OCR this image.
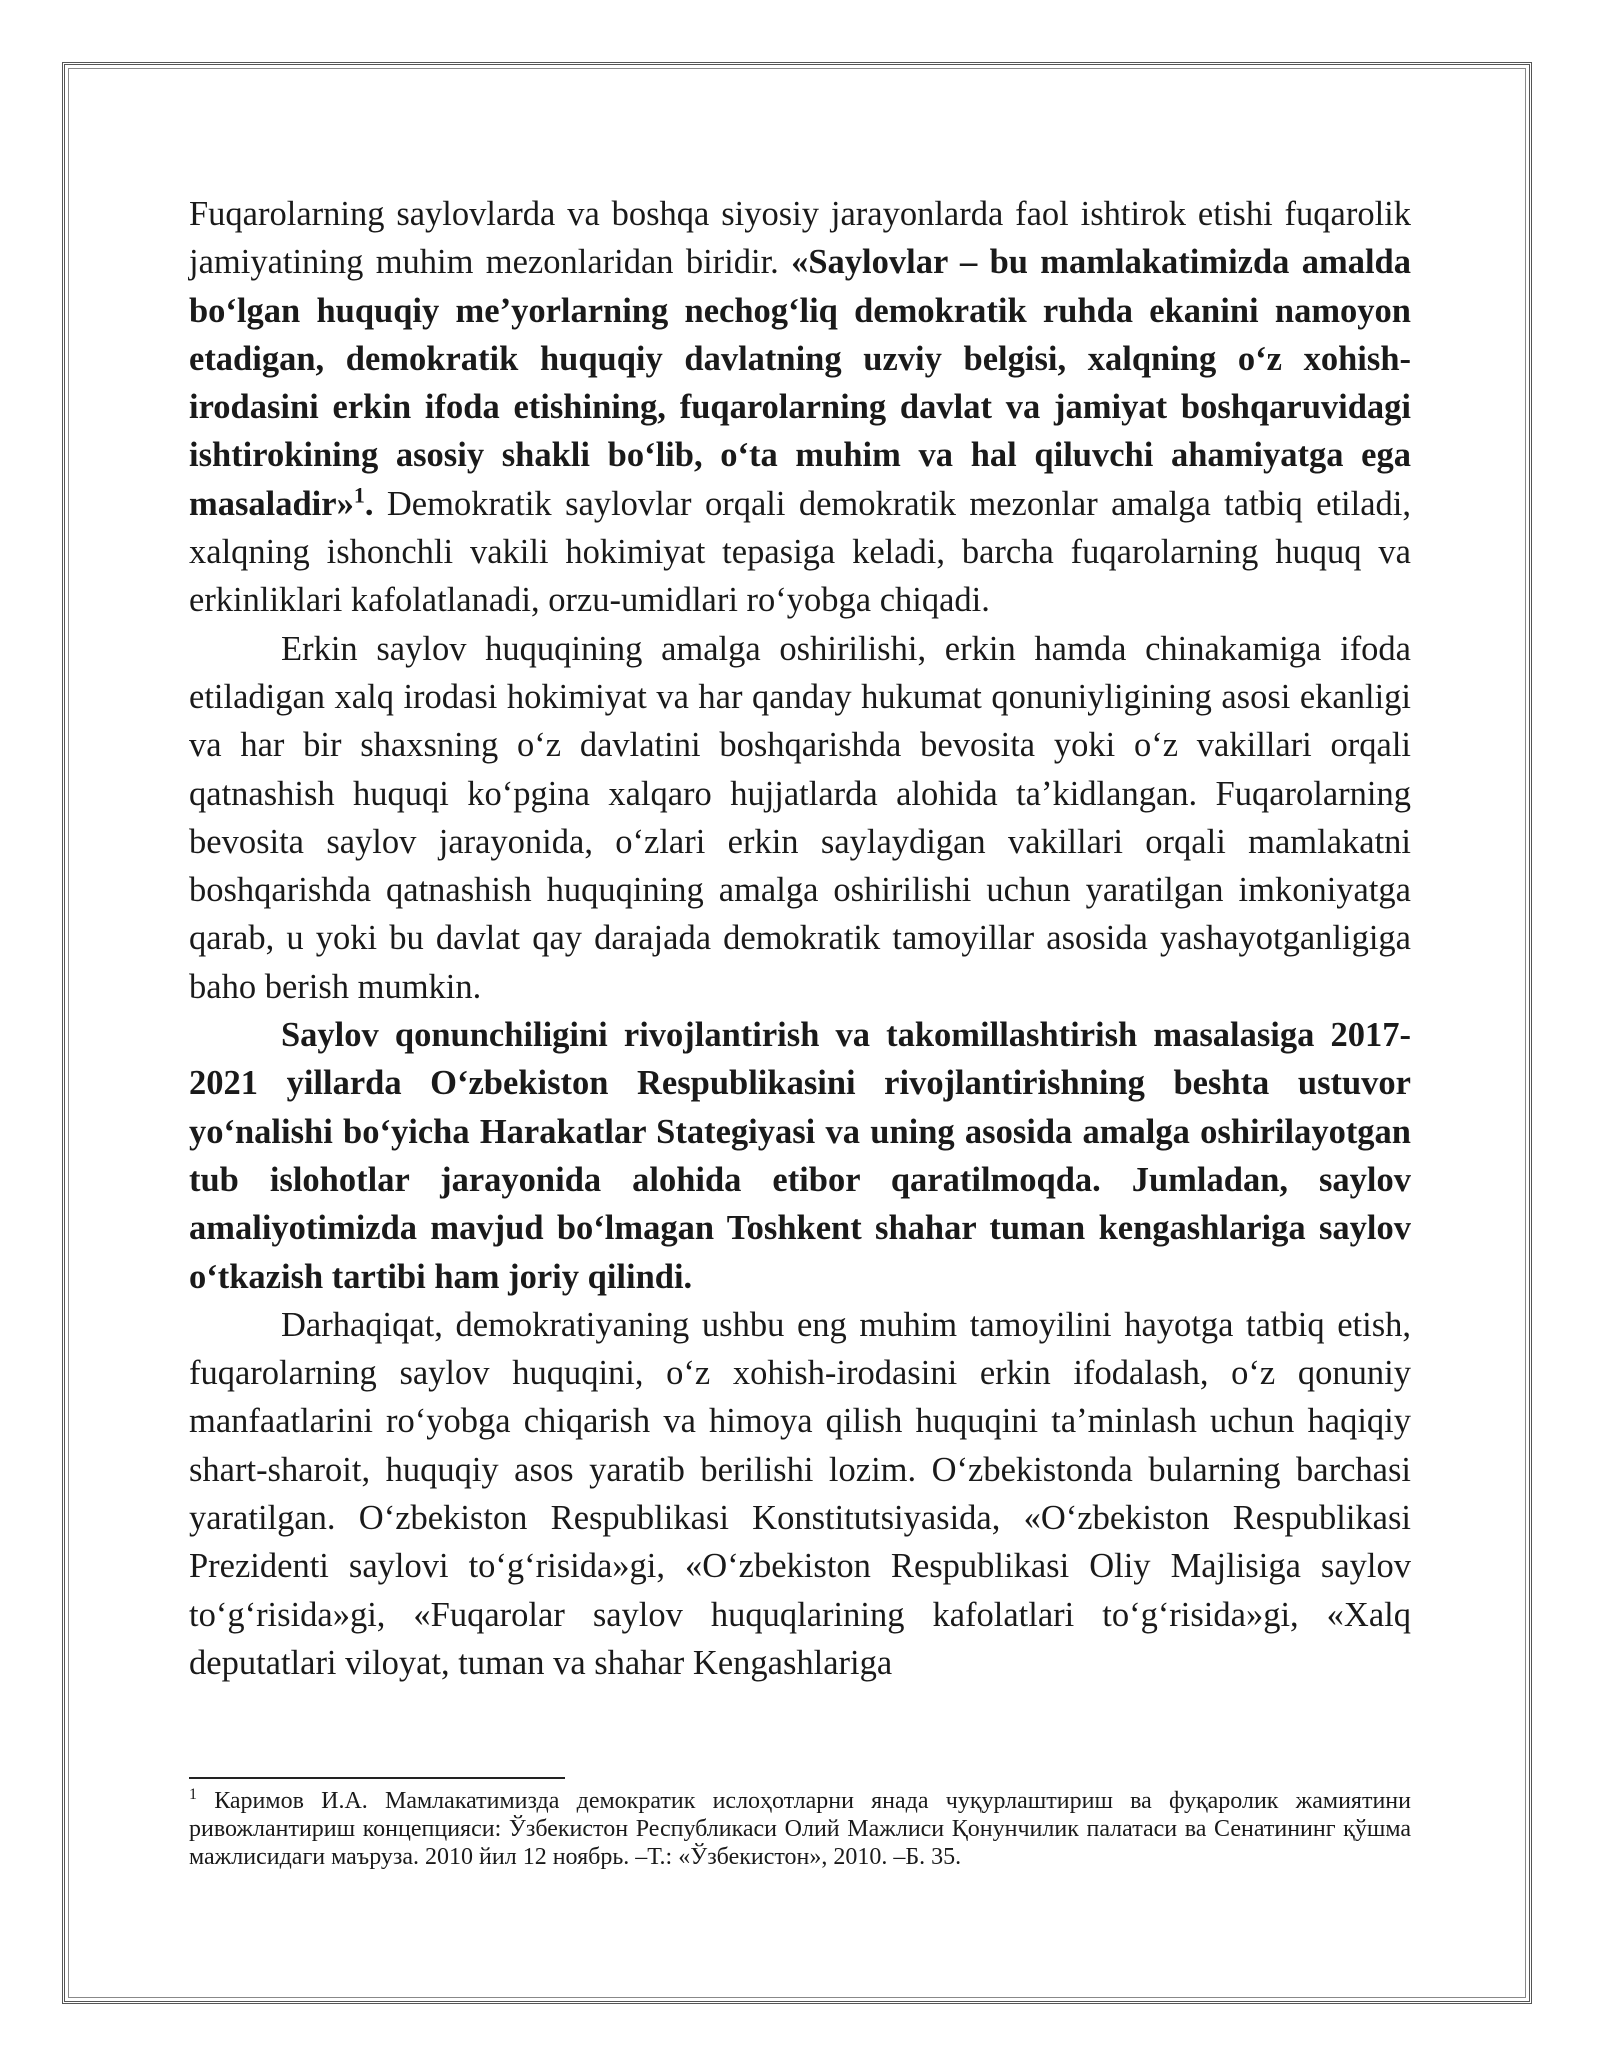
Fuqarolarning saylovlarda va boshqa siyosiy jarayonlarda faol ishtirok etishi fuqarolik jamiyatining muhim mezonlaridan biridir. «Saylovlar – bu mamlakatimizda amalda boʻlgan huquqiy meʼyorlarning nechogʻliq demokratik ruhda ekanini namoyon etadigan, demokratik huquqiy davlatning uzviy belgisi, xalqning oʻz xohish-irodasini erkin ifoda etishining, fuqarolarning davlat va jamiyat boshqaruvidagi ishtirokining asosiy shakli boʻlib, oʻta muhim va hal qiluvchi ahamiyatga ega masaladir»$^1$. Demokratik saylovlar orqali demokratik mezonlar amalga tatbiq etiladi, xalqning ishonchli vakili hokimiyat tepasiga keladi, barcha fuqarolarning huquq va erkinliklari kafolatlanadi, orzu-umidlari roʻyobga chiqadi.

Erkin saylov huquqining amalga oshirilishi, erkin hamda chinakamiga ifoda etiladigan xalq irodasi hokimiyat va har qanday hukumat qonuniyligining asosi ekanligi va har bir shaxsning oʻz davlatini boshqarishda bevosita yoki oʻz vakillari orqali qatnashish huquqi koʻpgina xalqaro hujjatlarda alohida taʼkidlangan. Fuqarolarning bevosita saylov jarayonida, oʻzlari erkin saylaydigan vakillari orqali mamlakatni boshqarishda qatnashish huquqining amalga oshirilishi uchun yaratilgan imkoniyatga qarab, u yoki bu davlat qay darajada demokratik tamoyillar asosida yashayotganligiga baho berish mumkin.

Saylov qonunchiligini rivojlantirish va takomillashtirish masalasiga 2017-2021 yillarda Oʻzbekiston Respublikasini rivojlantirishning beshta ustuvor yoʻnalishi boʻyicha Harakatlar Stategiyasi va uning asosida amalga oshirilayotgan tub islohotlar jarayonida alohida etibor qaratilmoqda. Jumladan, saylov amaliyotimizda mavjud boʻlmagan Toshkent shahar tuman kengashlariga saylov oʻtkazish tartibi ham joriy qilindi.

Darhaqiqat, demokratiyaning ushbu eng muhim tamoyilini hayotga tatbiq etish, fuqarolarning saylov huquqini, oʻz xohish-irodasini erkin ifodalash, oʻz qonuniy manfaatlarini roʻyobga chiqarish va himoya qilish huquqini taʼminlash uchun haqiqiy shart-sharoit, huquqiy asos yaratib berilishi lozim. Oʻzbekistonda bularning barchasi yaratilgan. Oʻzbekiston Respublikasi Konstitutsiyasida, «Oʻzbekiston Respublikasi Prezidenti saylovi toʻgʻrisida»gi, «Oʻzbekiston Respublikasi Oliy Majlisiga saylov toʻgʻrisida»gi, «Fuqarolar saylov huquqlarining kafolatlari toʻgʻrisida»gi, «Xalq deputatlari viloyat, tuman va shahar Kengashlariga

$^1$ Каримов И.А. Мамлакатимизда демократик ислоҳотларни янада чуқурлаштириш ва фуқаролик жамиятини ривожлантириш концепцияси: Ўзбекистон Республикаси Олий Мажлиси Қонунчилик палатаси ва Сенатининг қўшма мажлисидаги маъруза. 2010 йил 12 ноябрь. –Т.: «Ўзбекистон», 2010. –Б. 35.
